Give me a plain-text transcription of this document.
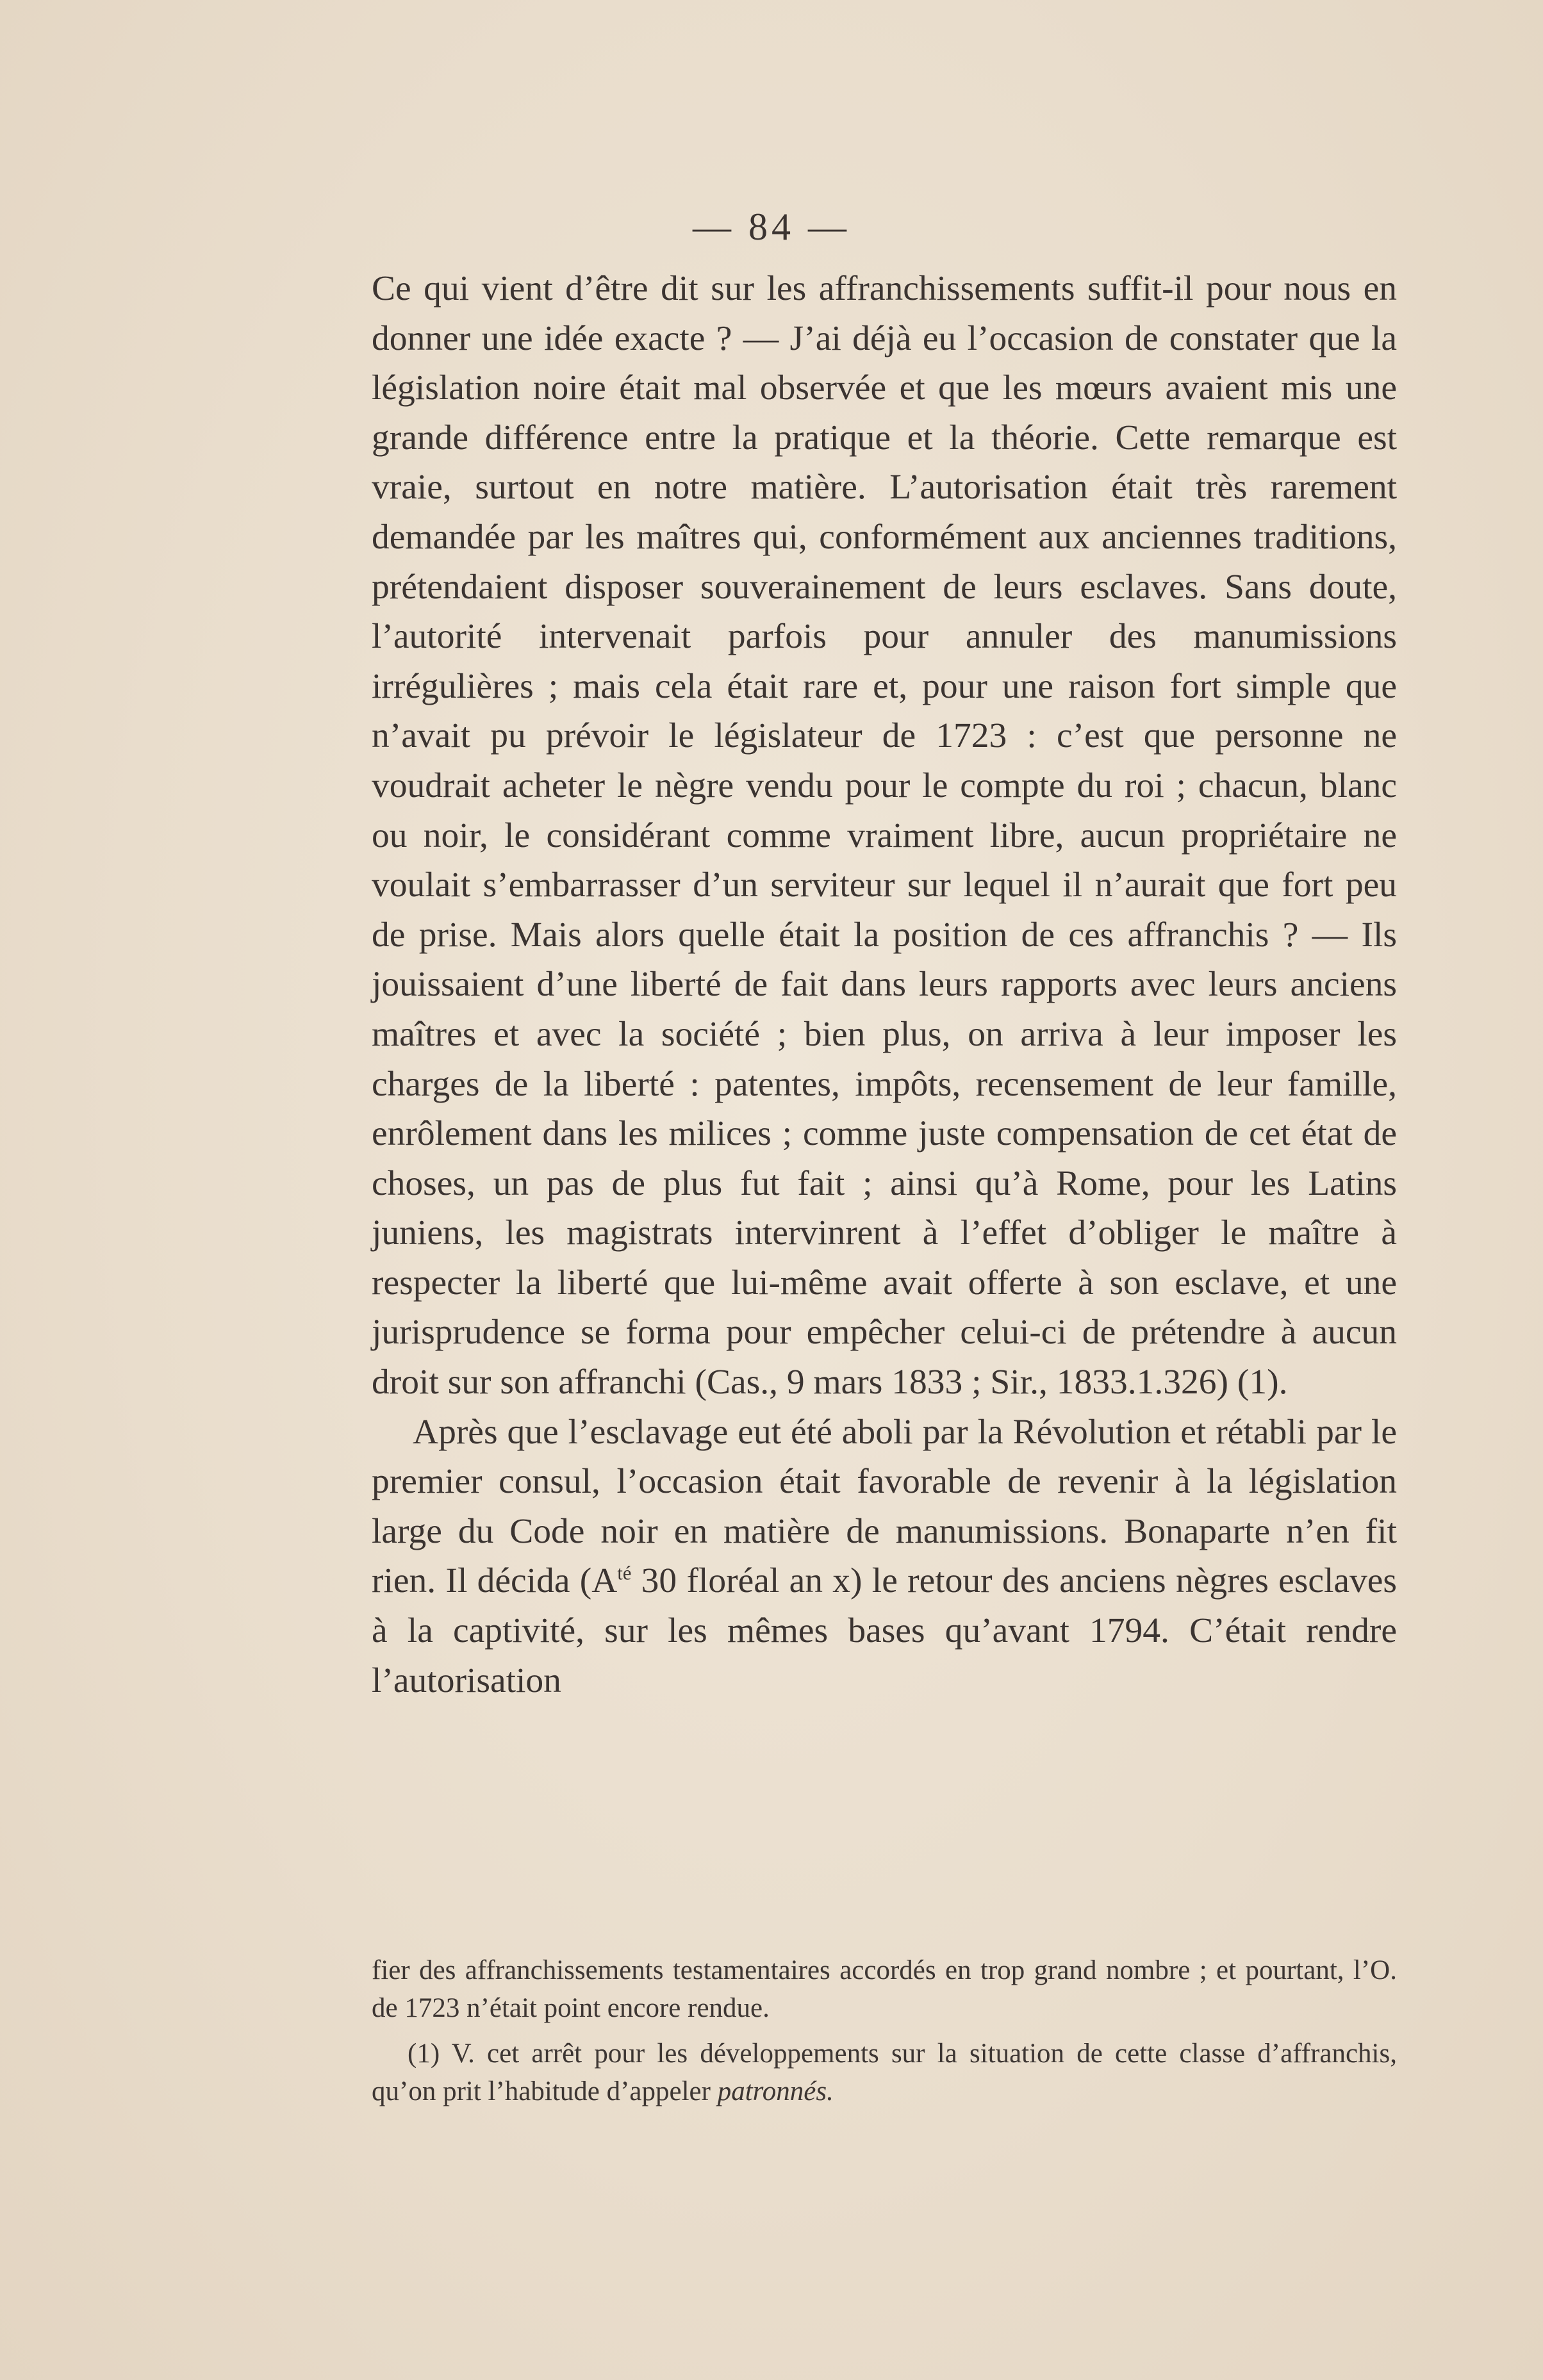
— 84 —

Ce qui vient d’être dit sur les affranchissements suffit-il pour nous en donner une idée exacte ? — J’ai déjà eu l’occasion de constater que la législation noire était mal observée et que les mœurs avaient mis une grande différence entre la pratique et la théorie. Cette remarque est vraie, surtout en notre matière. L’autorisation était très rarement demandée par les maîtres qui, conformément aux anciennes traditions, prétendaient disposer souverainement de leurs esclaves. Sans doute, l’autorité intervenait parfois pour annuler des manumissions irrégulières ; mais cela était rare et, pour une raison fort simple que n’avait pu prévoir le législateur de 1723 : c’est que personne ne voudrait acheter le nègre vendu pour le compte du roi ; chacun, blanc ou noir, le considérant comme vraiment libre, aucun propriétaire ne voulait s’embarrasser d’un serviteur sur lequel il n’aurait que fort peu de prise. Mais alors quelle était la position de ces affranchis ? — Ils jouissaient d’une liberté de fait dans leurs rapports avec leurs anciens maîtres et avec la société ; bien plus, on arriva à leur imposer les charges de la liberté : patentes, impôts, recensement de leur famille, enrôlement dans les milices ; comme juste compensation de cet état de choses, un pas de plus fut fait ; ainsi qu’à Rome, pour les Latins juniens, les magistrats intervinrent à l’effet d’obliger le maître à respecter la liberté que lui-même avait offerte à son esclave, et une jurisprudence se forma pour empêcher celui-ci de prétendre à aucun droit sur son affranchi (Cas., 9 mars 1833 ; Sir., 1833.1.326) (1).

Après que l’esclavage eut été aboli par la Révolution et rétabli par le premier consul, l’occasion était favorable de revenir à la législation large du Code noir en matière de manumissions. Bonaparte n’en fit rien. Il décida ($A^{té}$ 30 floréal an x) le retour des anciens nègres esclaves à la captivité, sur les mêmes bases qu’avant 1794. C’était rendre l’autorisation

fier des affranchissements testamentaires accordés en trop grand nombre ; et pourtant, l’O. de 1723 n’était point encore rendue.

(1) V. cet arrêt pour les développements sur la situation de cette classe d’affranchis, qu’on prit l’habitude d’appeler patronnés.
